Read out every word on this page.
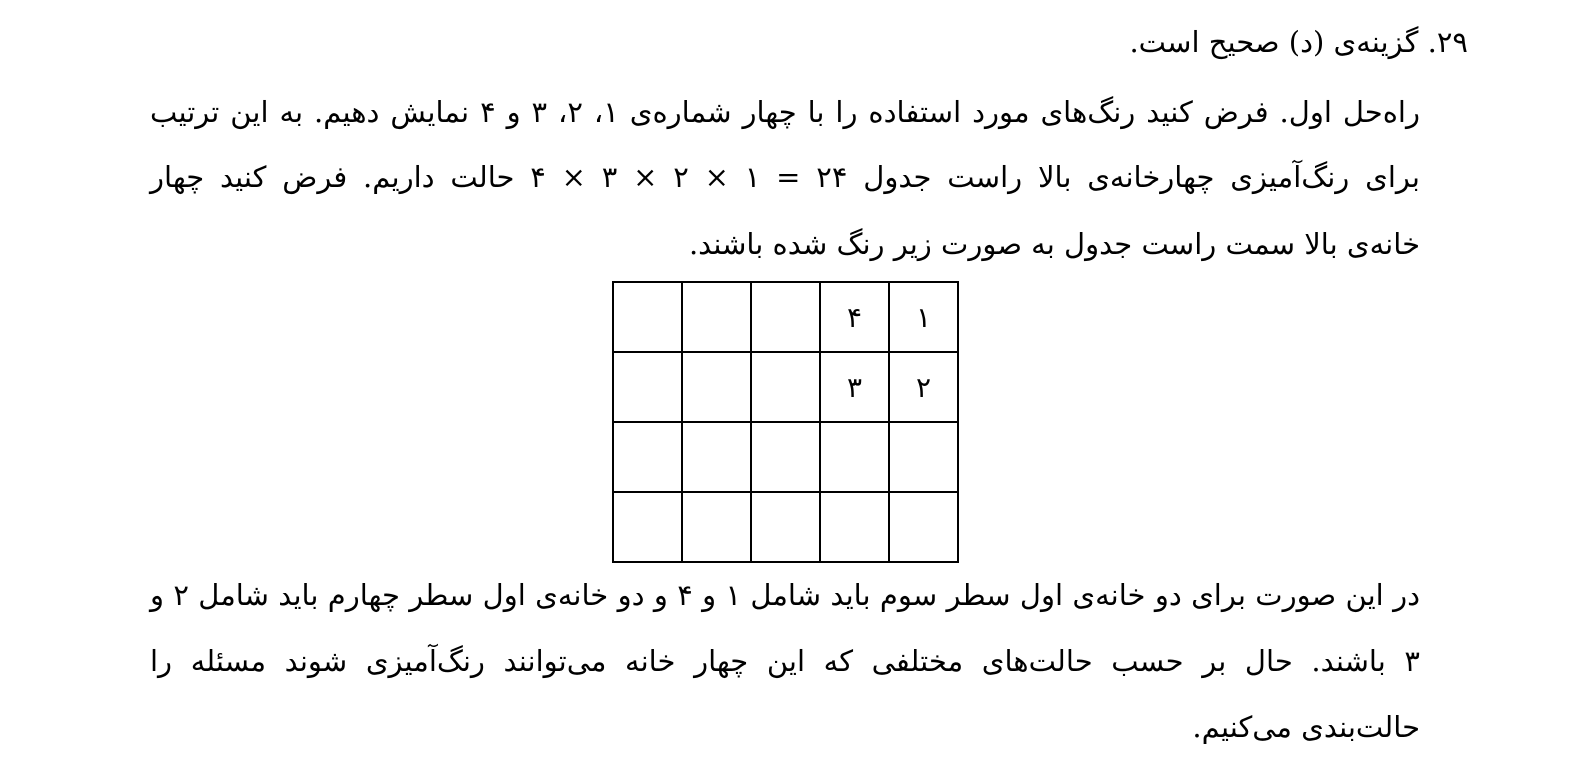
۲۹. گزینه‌ی (د) صحیح است.
راه‌حل اول. فرض کنید رنگ‌های مورد استفاده را با چهار شماره‌ی ۱، ۲، ۳ و ۴ نمایش دهیم. به این ترتیب
برای رنگ‌آمیزی چهارخانه‌ی بالا راست جدول ۲۴ = ۱ × ۲ × ۳ × ۴ حالت داریم. فرض کنید چهار
خانه‌ی بالا سمت راست جدول به صورت زیر رنگ شده باشند.
۱	۴			
۲	۳			

در این صورت برای دو خانه‌ی اول سطر سوم باید شامل ۱ و ۴ و دو خانه‌ی اول سطر چهارم باید شامل ۲ و
۳ باشند. حال بر حسب حالت‌های مختلفی که این چهار خانه می‌توانند رنگ‌آمیزی شوند مسئله را
حالت‌بندی می‌کنیم.
